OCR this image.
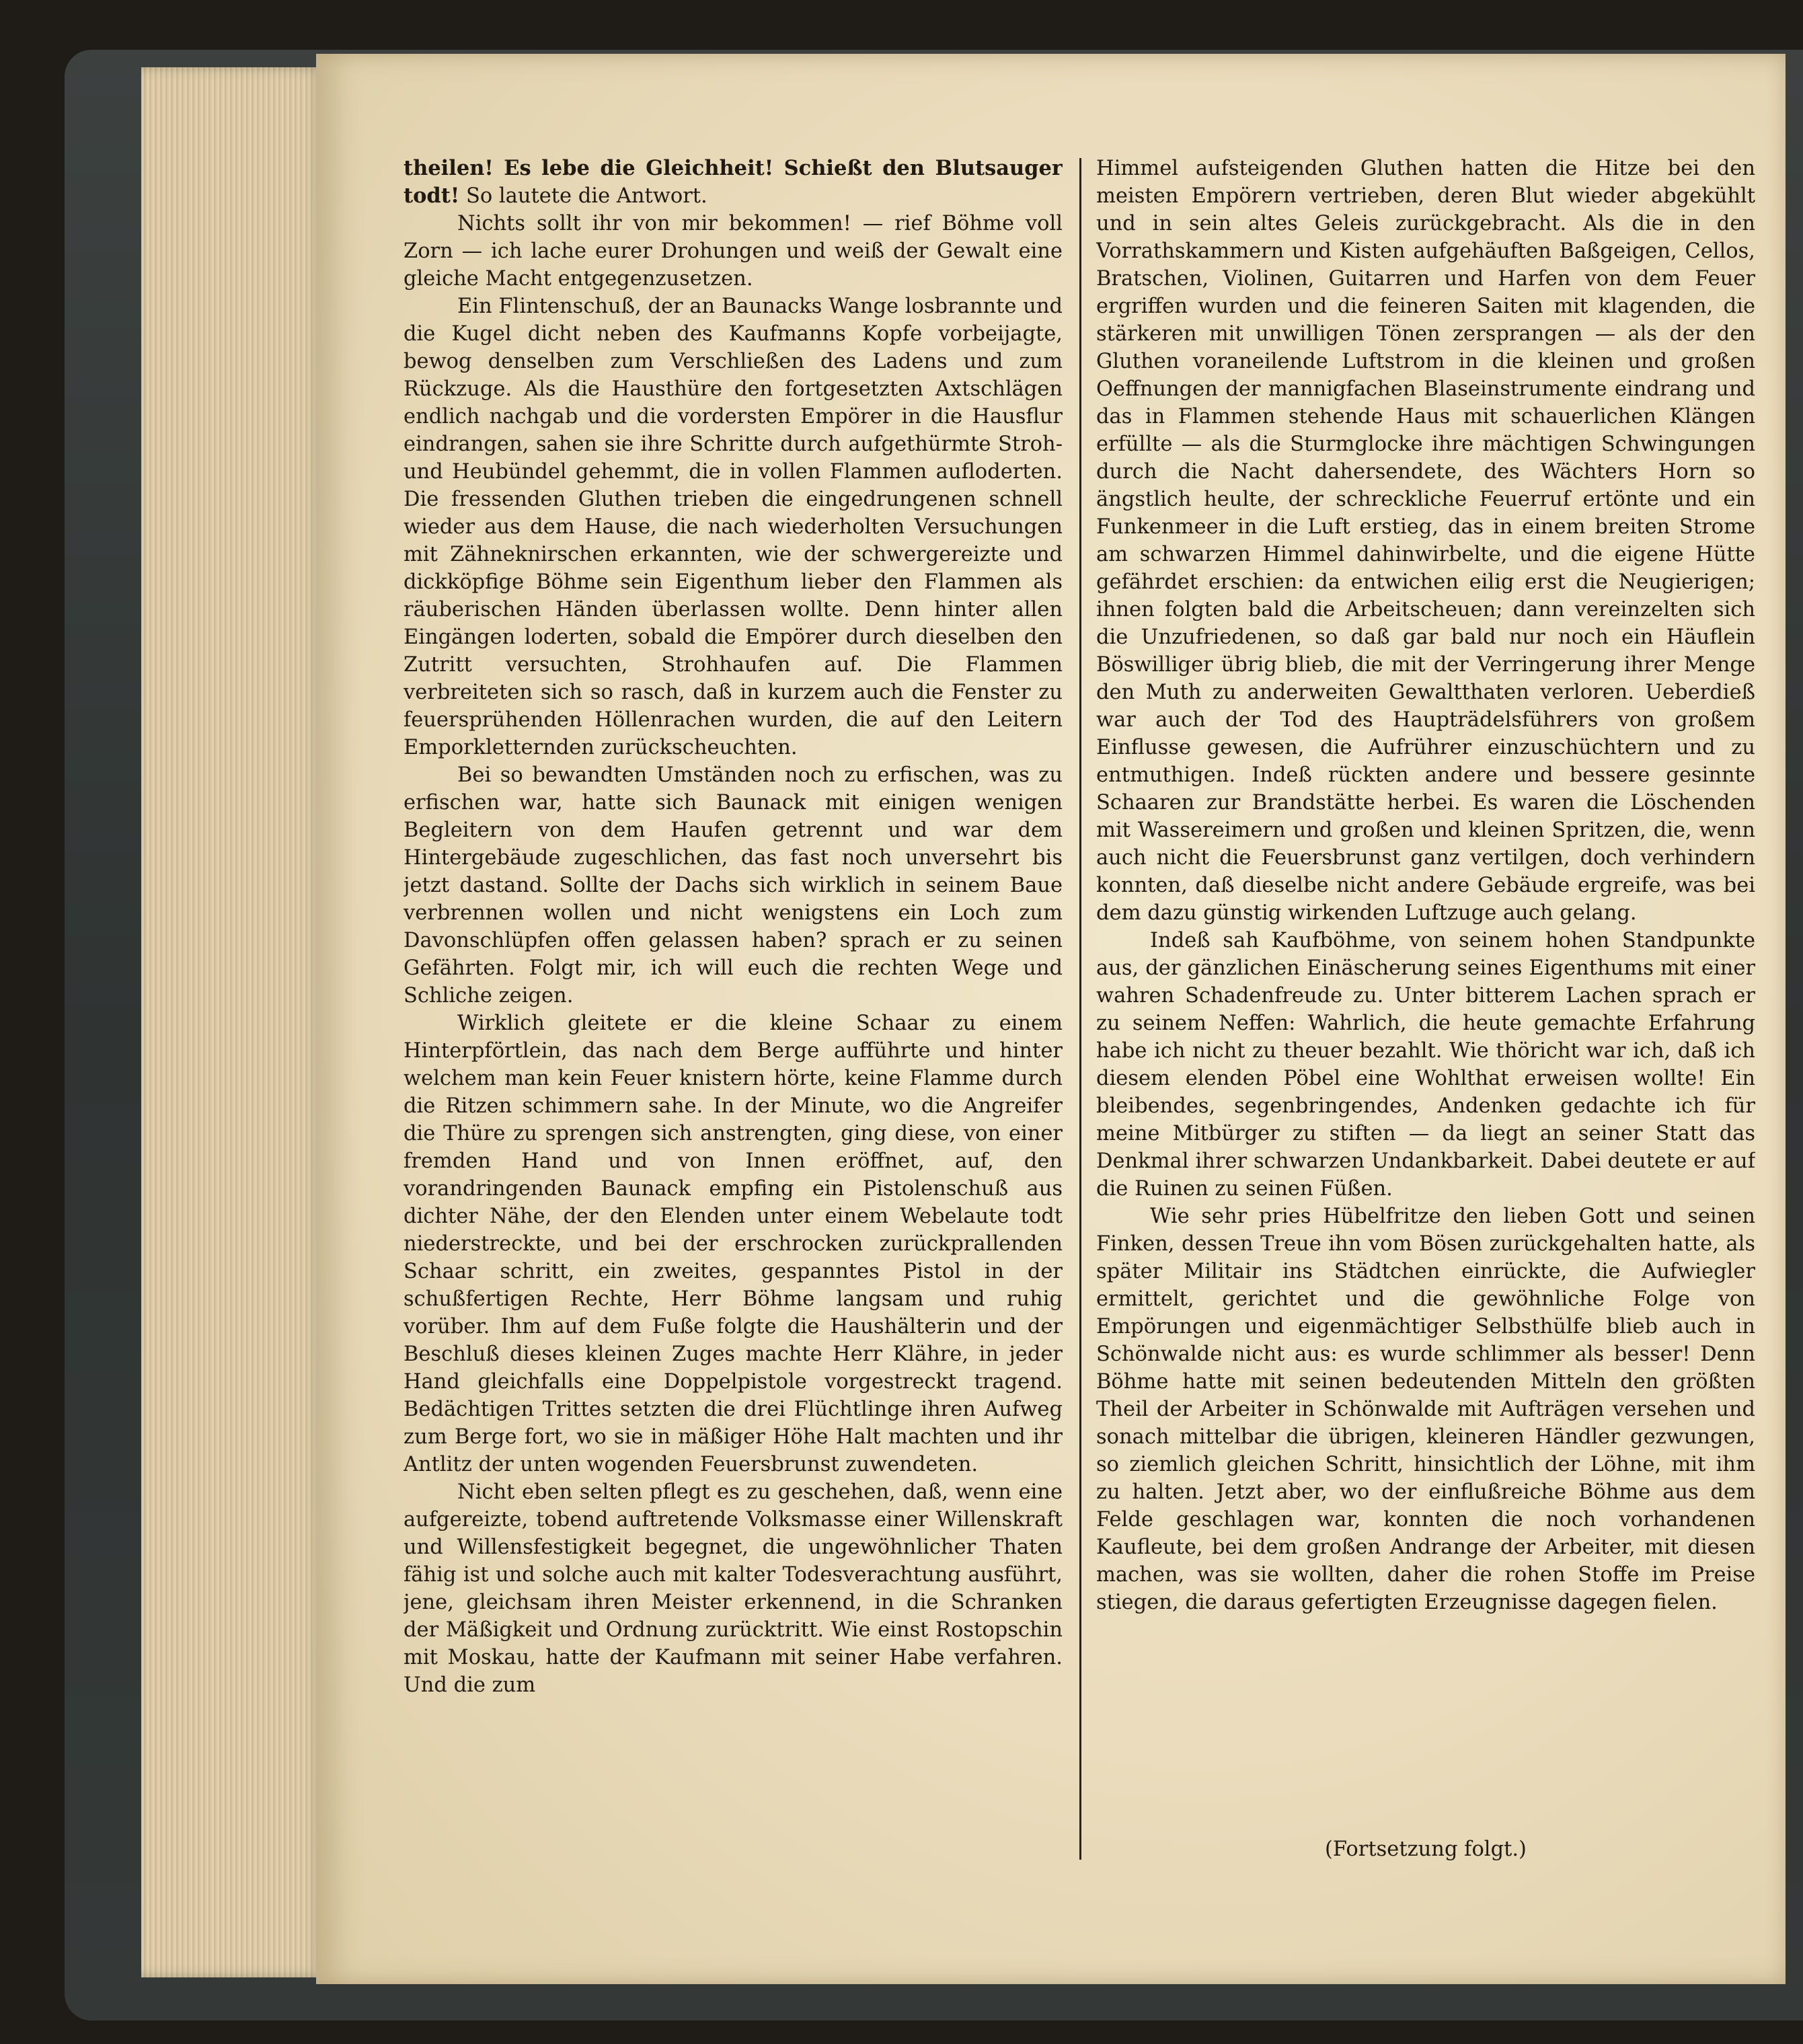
theilen! Es lebe die Gleichheit! Schießt den Blutsauger todt! So lautete die Antwort.

Nichts sollt ihr von mir bekommen! — rief Böhme voll Zorn — ich lache eurer Drohungen und weiß der Gewalt eine gleiche Macht entgegenzusetzen.

Ein Flintenschuß, der an Baunacks Wange losbrannte und die Kugel dicht neben des Kaufmanns Kopfe vorbeijagte, bewog denselben zum Verschließen des Ladens und zum Rückzuge. Als die Hausthüre den fortgesetzten Axtschlägen endlich nachgab und die vordersten Empörer in die Hausflur eindrangen, sahen sie ihre Schritte durch aufgethürmte Stroh- und Heubündel gehemmt, die in vollen Flammen aufloderten. Die fressenden Gluthen trieben die eingedrungenen schnell wieder aus dem Hause, die nach wiederholten Versuchungen mit Zähneknirschen erkannten, wie der schwergereizte und dickköpfige Böhme sein Eigenthum lieber den Flammen als räuberischen Händen überlassen wollte. Denn hinter allen Eingängen loderten, sobald die Empörer durch dieselben den Zutritt versuchten, Strohhaufen auf. Die Flammen verbreiteten sich so rasch, daß in kurzem auch die Fenster zu feuersprühenden Höllenrachen wurden, die auf den Leitern Emporkletternden zurückscheuchten.

Bei so bewandten Umständen noch zu erfischen, was zu erfischen war, hatte sich Baunack mit einigen wenigen Begleitern von dem Haufen getrennt und war dem Hintergebäude zugeschlichen, das fast noch unversehrt bis jetzt dastand. Sollte der Dachs sich wirklich in seinem Baue verbrennen wollen und nicht wenigstens ein Loch zum Davonschlüpfen offen gelassen haben? sprach er zu seinen Gefährten. Folgt mir, ich will euch die rechten Wege und Schliche zeigen.

Wirklich gleitete er die kleine Schaar zu einem Hinterpförtlein, das nach dem Berge aufführte und hinter welchem man kein Feuer knistern hörte, keine Flamme durch die Ritzen schimmern sahe. In der Minute, wo die Angreifer die Thüre zu sprengen sich anstrengten, ging diese, von einer fremden Hand und von Innen eröffnet, auf, den vorandringenden Baunack empfing ein Pistolenschuß aus dichter Nähe, der den Elenden unter einem Webelaute todt niederstreckte, und bei der erschrocken zurückprallenden Schaar schritt, ein zweites, gespanntes Pistol in der schußfertigen Rechte, Herr Böhme langsam und ruhig vorüber. Ihm auf dem Fuße folgte die Haushälterin und der Beschluß dieses kleinen Zuges machte Herr Klähre, in jeder Hand gleichfalls eine Doppelpistole vorgestreckt tragend. Bedächtigen Trittes setzten die drei Flüchtlinge ihren Aufweg zum Berge fort, wo sie in mäßiger Höhe Halt machten und ihr Antlitz der unten wogenden Feuersbrunst zuwendeten.

Nicht eben selten pflegt es zu geschehen, daß, wenn eine aufgereizte, tobend auftretende Volksmasse einer Willenskraft und Willensfestigkeit begegnet, die ungewöhnlicher Thaten fähig ist und solche auch mit kalter Todesverachtung ausführt, jene, gleichsam ihren Meister erkennend, in die Schranken der Mäßigkeit und Ordnung zurücktritt. Wie einst Rostopschin mit Moskau, hatte der Kaufmann mit seiner Habe verfahren. Und die zum

Himmel aufsteigenden Gluthen hatten die Hitze bei den meisten Empörern vertrieben, deren Blut wieder abgekühlt und in sein altes Geleis zurückgebracht. Als die in den Vorrathskammern und Kisten aufgehäuften Baßgeigen, Cellos, Bratschen, Violinen, Guitarren und Harfen von dem Feuer ergriffen wurden und die feineren Saiten mit klagenden, die stärkeren mit unwilligen Tönen zersprangen — als der den Gluthen voraneilende Luftstrom in die kleinen und großen Oeffnungen der mannigfachen Blaseinstrumente eindrang und das in Flammen stehende Haus mit schauerlichen Klängen erfüllte — als die Sturmglocke ihre mächtigen Schwingungen durch die Nacht dahersendete, des Wächters Horn so ängstlich heulte, der schreckliche Feuerruf ertönte und ein Funkenmeer in die Luft erstieg, das in einem breiten Strome am schwarzen Himmel dahinwirbelte, und die eigene Hütte gefährdet erschien: da entwichen eilig erst die Neugierigen; ihnen folgten bald die Arbeitscheuen; dann vereinzelten sich die Unzufriedenen, so daß gar bald nur noch ein Häuflein Böswilliger übrig blieb, die mit der Verringerung ihrer Menge den Muth zu anderweiten Gewaltthaten verloren. Ueberdieß war auch der Tod des Haupträdelsführers von großem Einflusse gewesen, die Aufrührer einzuschüchtern und zu entmuthigen. Indeß rückten andere und bessere gesinnte Schaaren zur Brandstätte herbei. Es waren die Löschenden mit Wassereimern und großen und kleinen Spritzen, die, wenn auch nicht die Feuersbrunst ganz vertilgen, doch verhindern konnten, daß dieselbe nicht andere Gebäude ergreife, was bei dem dazu günstig wirkenden Luftzuge auch gelang.

Indeß sah Kaufböhme, von seinem hohen Standpunkte aus, der gänzlichen Einäscherung seines Eigenthums mit einer wahren Schadenfreude zu. Unter bitterem Lachen sprach er zu seinem Neffen: Wahrlich, die heute gemachte Erfahrung habe ich nicht zu theuer bezahlt. Wie thöricht war ich, daß ich diesem elenden Pöbel eine Wohlthat erweisen wollte! Ein bleibendes, segenbringendes, Andenken gedachte ich für meine Mitbürger zu stiften — da liegt an seiner Statt das Denkmal ihrer schwarzen Undankbarkeit. Dabei deutete er auf die Ruinen zu seinen Füßen.

Wie sehr pries Hübelfritze den lieben Gott und seinen Finken, dessen Treue ihn vom Bösen zurückgehalten hatte, als später Militair ins Städtchen einrückte, die Aufwiegler ermittelt, gerichtet und die gewöhnliche Folge von Empörungen und eigenmächtiger Selbsthülfe blieb auch in Schönwalde nicht aus: es wurde schlimmer als besser! Denn Böhme hatte mit seinen bedeutenden Mitteln den größten Theil der Arbeiter in Schönwalde mit Aufträgen versehen und sonach mittelbar die übrigen, kleineren Händler gezwungen, so ziemlich gleichen Schritt, hinsichtlich der Löhne, mit ihm zu halten. Jetzt aber, wo der einflußreiche Böhme aus dem Felde geschlagen war, konnten die noch vorhandenen Kaufleute, bei dem großen Andrange der Arbeiter, mit diesen machen, was sie wollten, daher die rohen Stoffe im Preise stiegen, die daraus gefertigten Erzeugnisse dagegen fielen.

(Fortsetzung folgt.)
